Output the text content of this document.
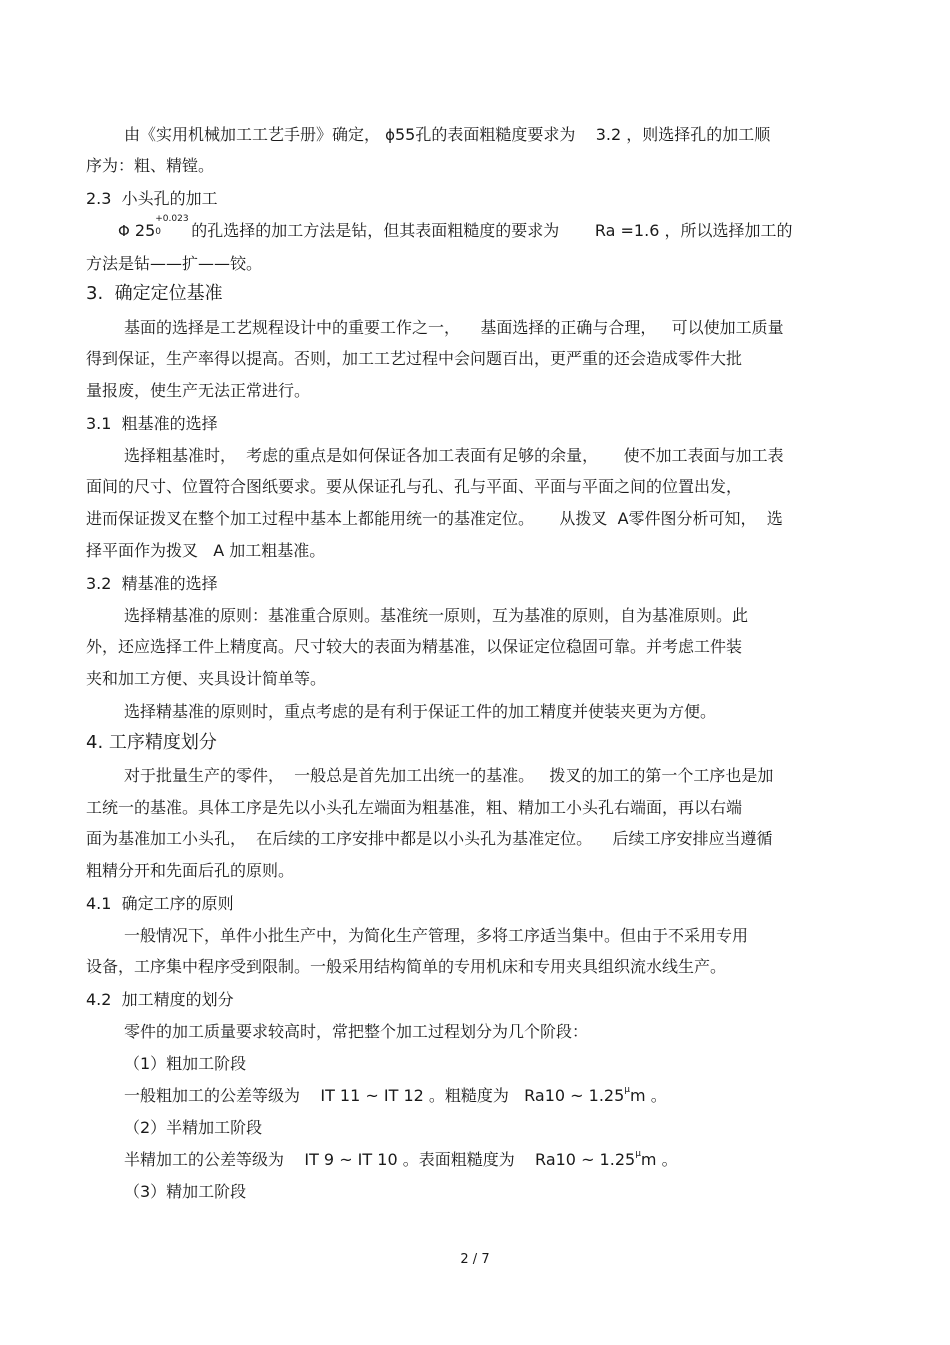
由《实用机械加工工艺手册》确定， ϕ55孔的表面粗糙度要求为    3.2 ，则选择孔的加工顺

序为：粗、精镗。

2.3  小头孔的加工

Φ 25
+0.023
0 的孔选择的加工方法是钻，但其表面粗糙度的要求为       Ra =1.6 ，所以选择加工的

方法是钻——扩——铰。

3.  确定定位基准

基面的选择是工艺规程设计中的重要工作之一，    基面选择的正确与合理，   可以使加工质量

得到保证，生产率得以提高。否则，加工工艺过程中会问题百出，更严重的还会造成零件大批

量报废，使生产无法正常进行。

3.1  粗基准的选择

选择粗基准时，  考虑的重点是如何保证各加工表面有足够的余量，     使不加工表面与加工表

面间的尺寸、位置符合图纸要求。要从保证孔与孔、孔与平面、平面与平面之间的位置出发，

进而保证拨叉在整个加工过程中基本上都能用统一的基准定位。     从拨叉  A零件图分析可知，  选

择平面作为拨叉   A 加工粗基准。

3.2  精基准的选择

选择精基准的原则：基准重合原则。基准统一原则，互为基准的原则，自为基准原则。此

外，还应选择工件上精度高。尺寸较大的表面为精基准，以保证定位稳固可靠。并考虑工件装

夹和加工方便、夹具设计简单等。

选择精基准的原则时，重点考虑的是有利于保证工件的加工精度并使装夹更为方便。

4. 工序精度划分

对于批量生产的零件，  一般总是首先加工出统一的基准。   拨叉的加工的第一个工序也是加

工统一的基准。具体工序是先以小头孔左端面为粗基准，粗、精加工小头孔右端面，再以右端

面为基准加工小头孔，  在后续的工序安排中都是以小头孔为基准定位。    后续工序安排应当遵循

粗精分开和先面后孔的原则。

4.1  确定工序的原则

一般情况下，单件小批生产中，为简化生产管理，多将工序适当集中。但由于不采用专用

设备，工序集中程序受到限制。一般采用结构简单的专用机床和专用夹具组织流水线生产。

4.2  加工精度的划分

零件的加工质量要求较高时，常把整个加工过程划分为几个阶段：

（1）粗加工阶段

一般粗加工的公差等级为    IT 11 ~ IT 12 。粗糙度为   Ra10 ~ $1.25^\mu m$ 。

（2）半精加工阶段

半精加工的公差等级为    IT 9 ~ IT 10 。表面粗糙度为    Ra10 ~ $1.25^\mu m$ 。

（3）精加工阶段

2 / 7
